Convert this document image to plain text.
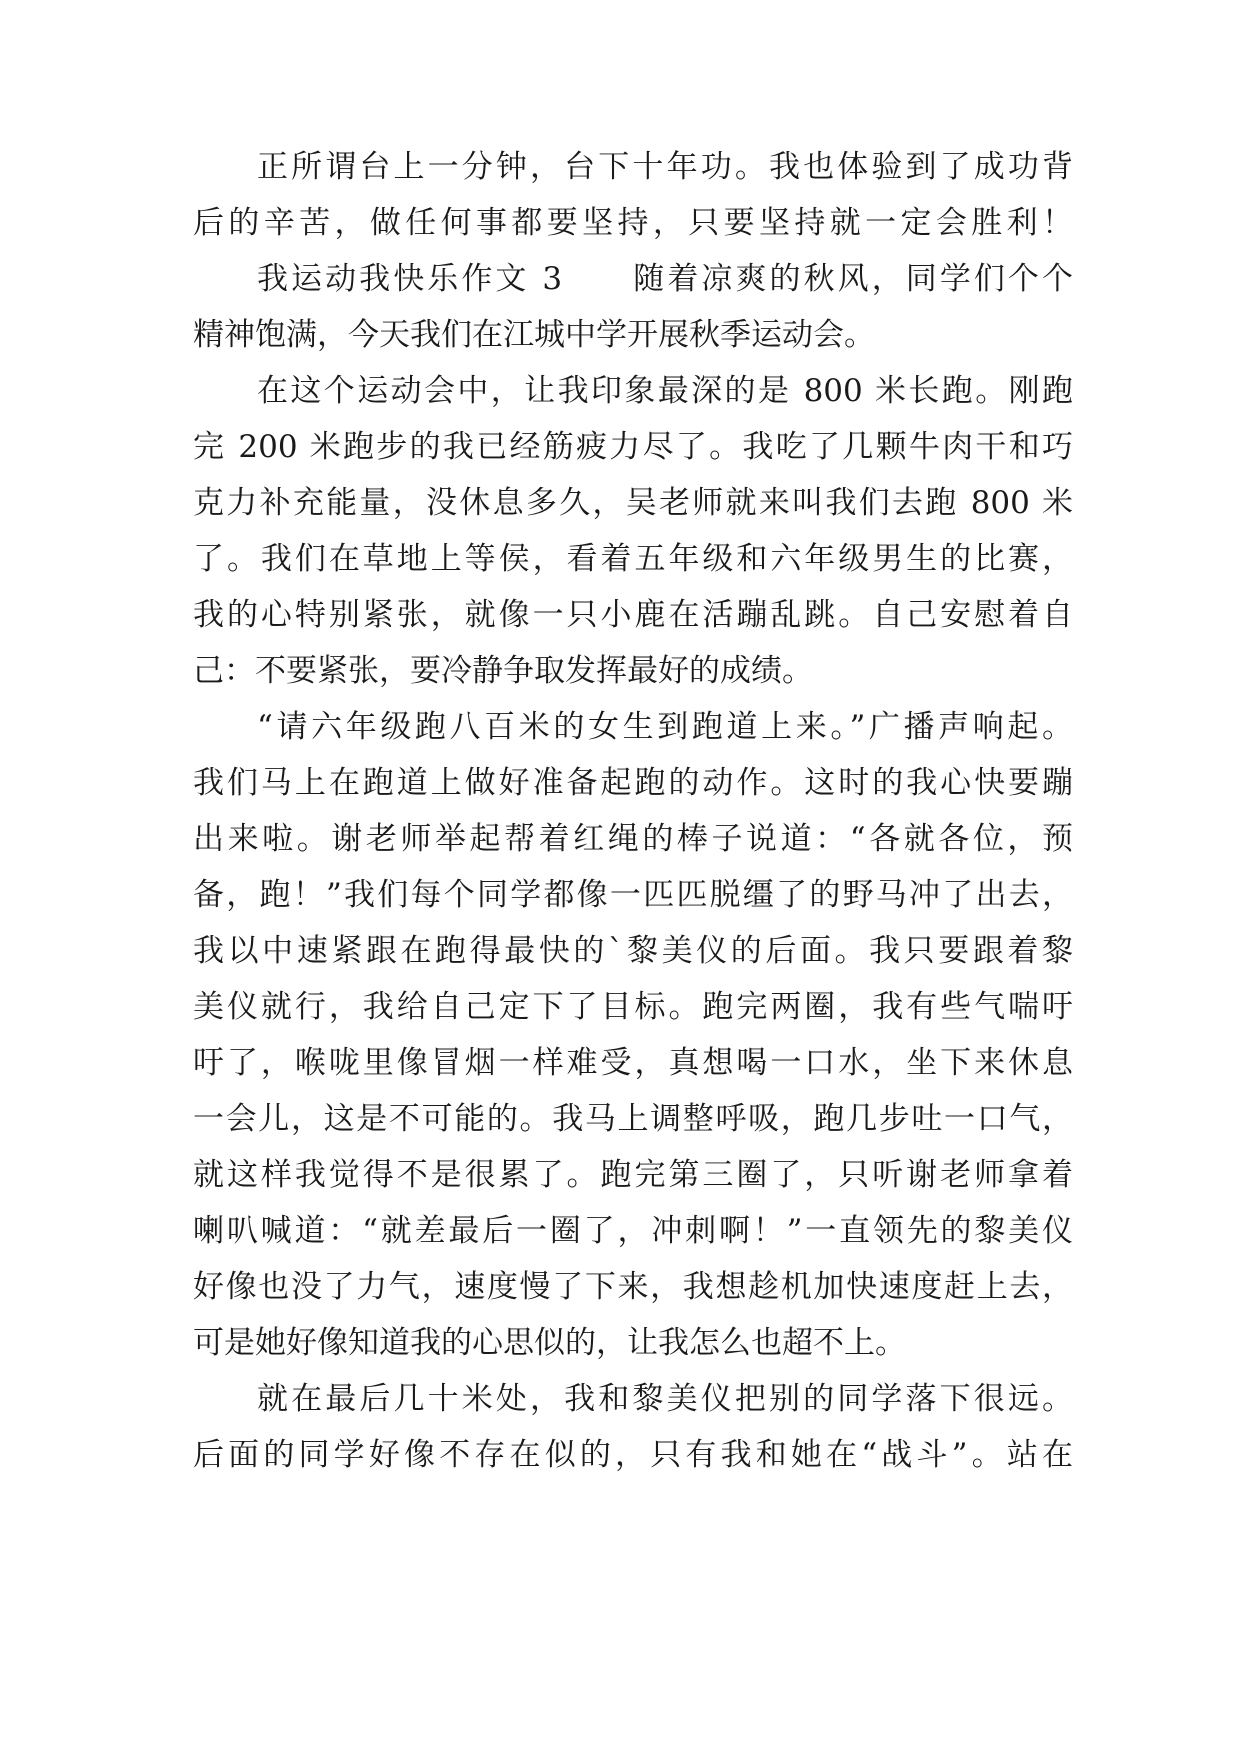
正所谓台上一分钟，台下十年功。我也体验到了成功背
后的辛苦，做任何事都要坚持，只要坚持就一定会胜利！
我运动我快乐作文 3　　随着凉爽的秋风，同学们个个
精神饱满，今天我们在江城中学开展秋季运动会。
在这个运动会中，让我印象最深的是 800 米长跑。刚跑
完 200 米跑步的我已经筋疲力尽了。我吃了几颗牛肉干和巧
克力补充能量，没休息多久，吴老师就来叫我们去跑 800 米
了。我们在草地上等侯，看着五年级和六年级男生的比赛，
我的心特别紧张，就像一只小鹿在活蹦乱跳。自己安慰着自
己：不要紧张，要冷静争取发挥最好的成绩。
“请六年级跑八百米的女生到跑道上来。”广播声响起。
我们马上在跑道上做好准备起跑的动作。这时的我心快要蹦
出来啦。谢老师举起帮着红绳的棒子说道：“各就各位，预
备，跑！”我们每个同学都像一匹匹脱缰了的野马冲了出去，
我以中速紧跟在跑得最快的`黎美仪的后面。我只要跟着黎
美仪就行，我给自己定下了目标。跑完两圈，我有些气喘吁
吁了，喉咙里像冒烟一样难受，真想喝一口水，坐下来休息
一会儿，这是不可能的。我马上调整呼吸，跑几步吐一口气，
就这样我觉得不是很累了。跑完第三圈了，只听谢老师拿着
喇叭喊道：“就差最后一圈了，冲刺啊！”一直领先的黎美仪
好像也没了力气，速度慢了下来，我想趁机加快速度赶上去，
可是她好像知道我的心思似的，让我怎么也超不上。
就在最后几十米处，我和黎美仪把别的同学落下很远。
后面的同学好像不存在似的，只有我和她在“战斗”。站在
